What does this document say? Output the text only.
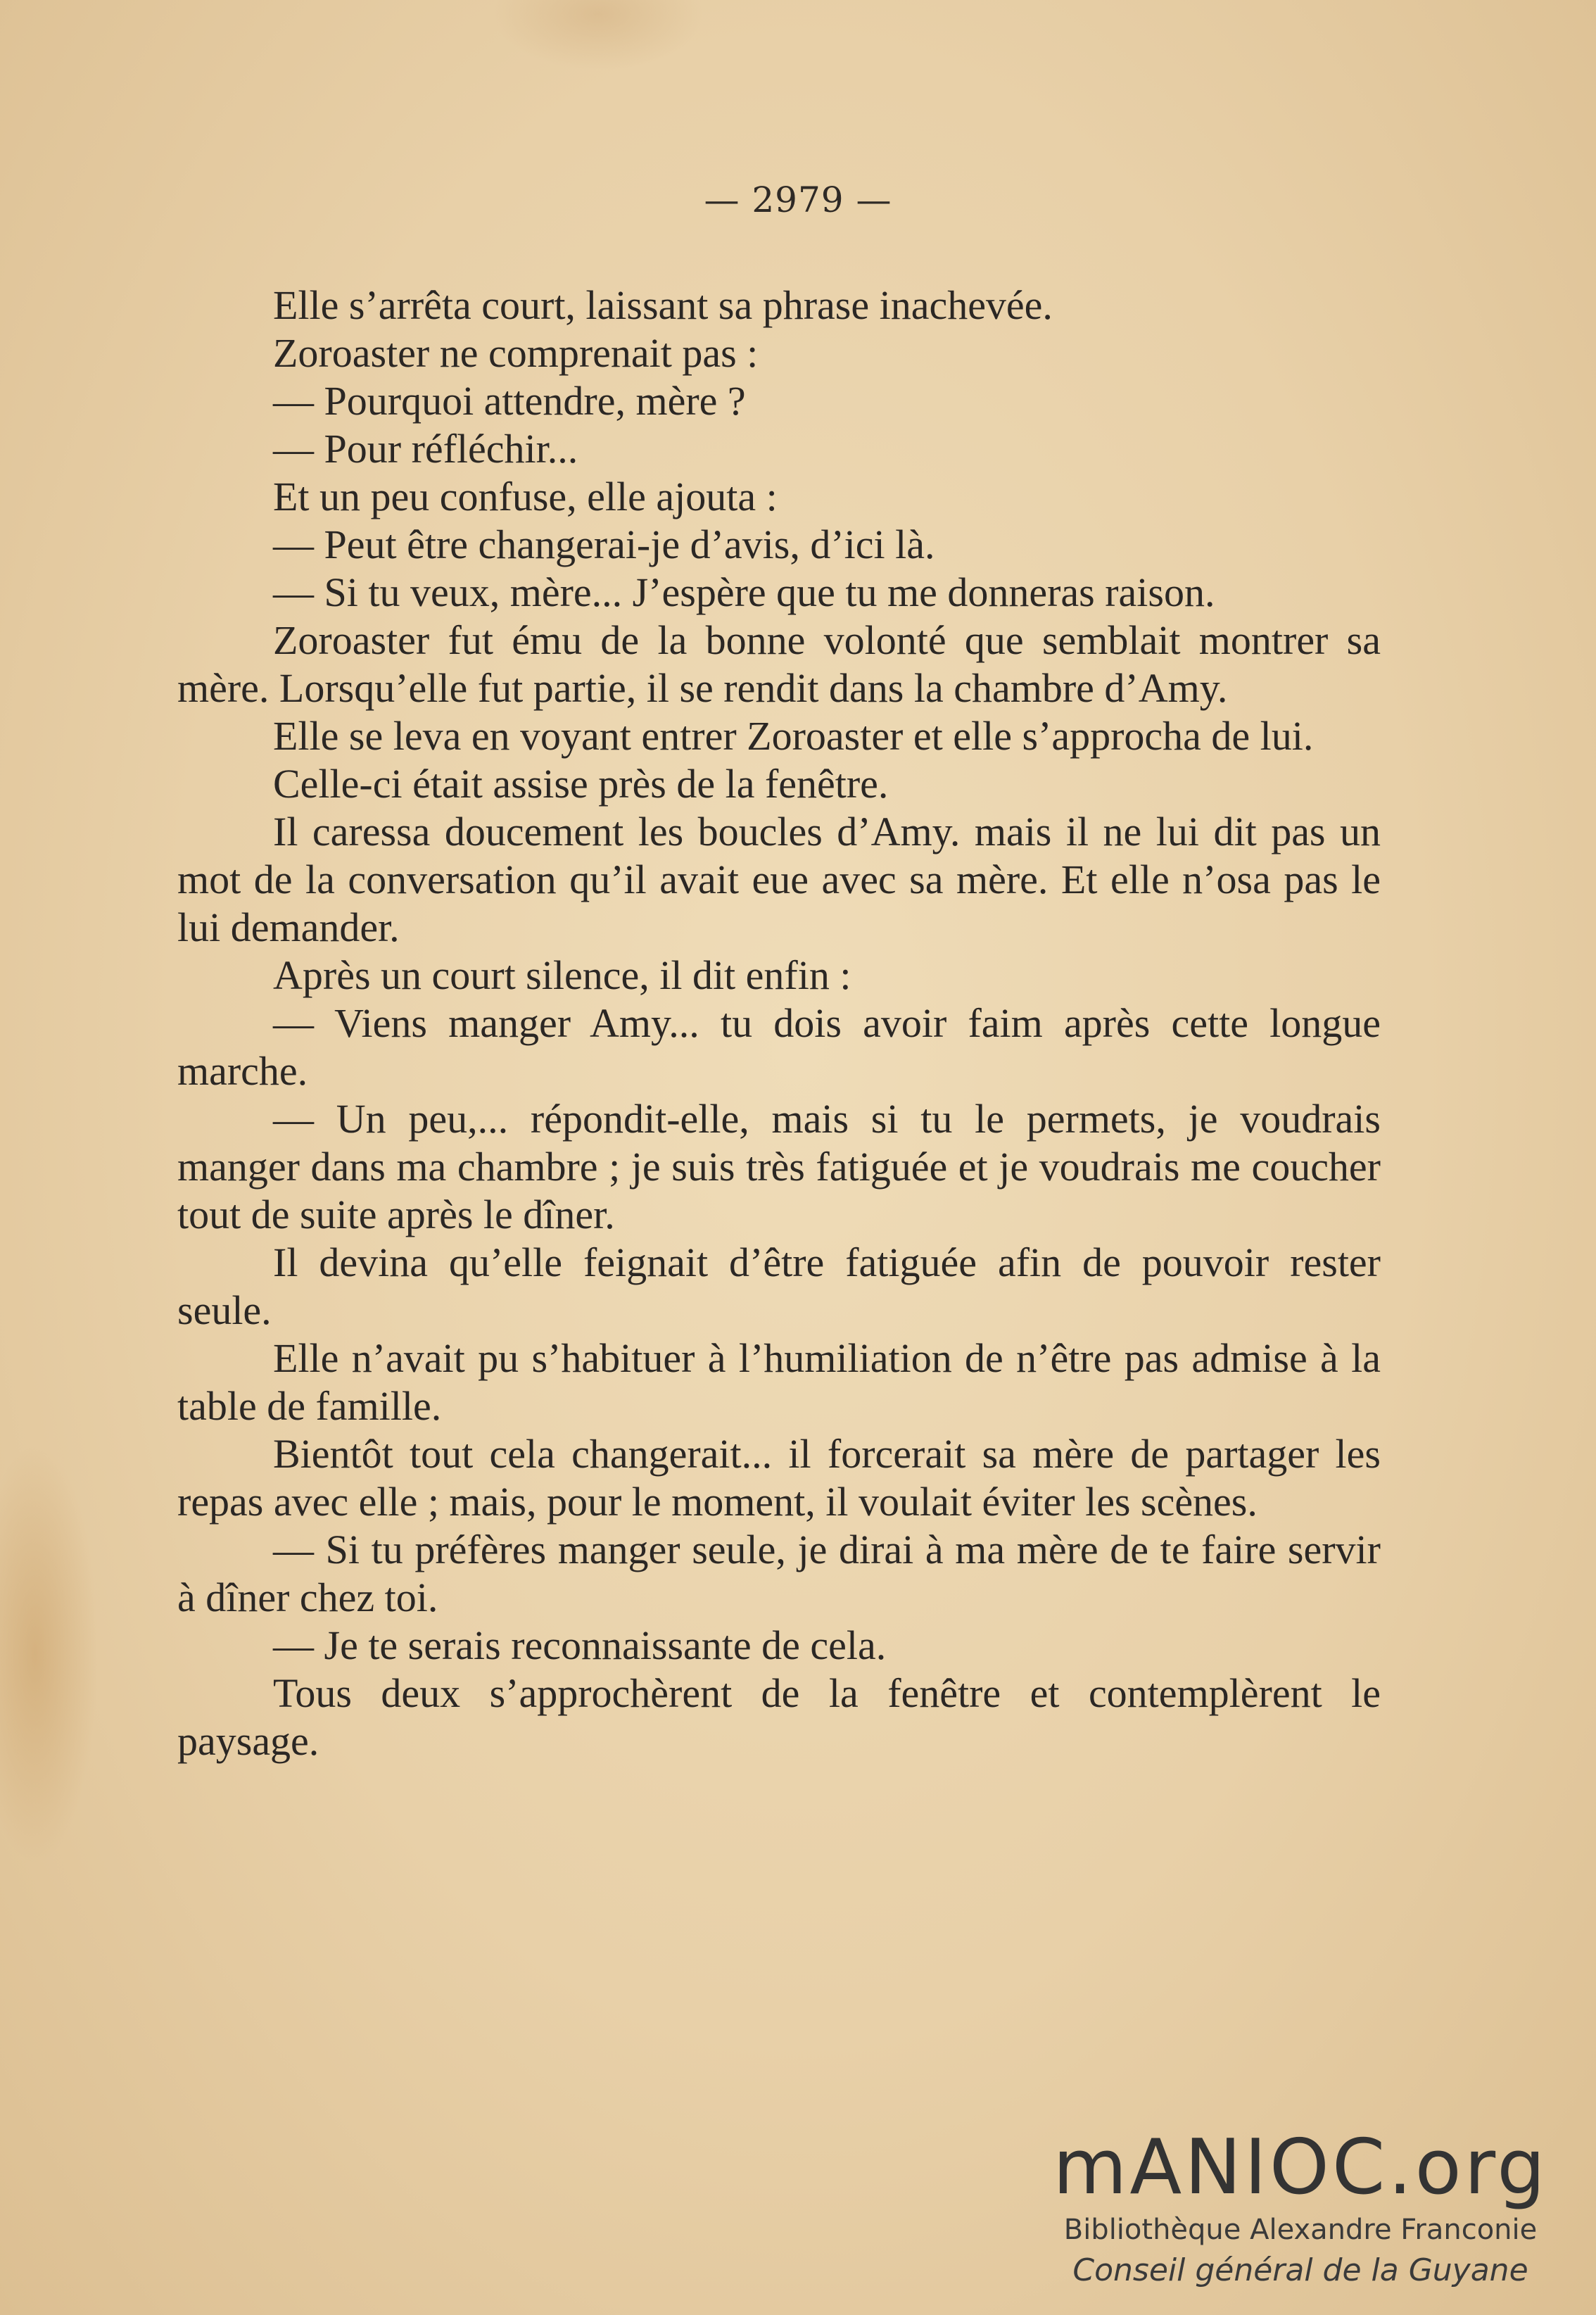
— 2979 —

Elle s’arrêta court, laissant sa phrase inachevée.

Zoroaster ne comprenait pas :

— Pourquoi attendre, mère ?

— Pour réfléchir...

Et un peu confuse, elle ajouta :

— Peut être changerai-je d’avis, d’ici là.

— Si tu veux, mère... J’espère que tu me donneras raison.

Zoroaster fut ému de la bonne volonté que semblait montrer sa mère. Lorsqu’elle fut partie, il se rendit dans la chambre d’Amy.

Elle se leva en voyant entrer Zoroaster et elle s’approcha de lui.

Celle-ci était assise près de la fenêtre.

Il caressa doucement les boucles d’Amy. mais il ne lui dit pas un mot de la conversation qu’il avait eue avec sa mère. Et elle n’osa pas le lui demander.

Après un court silence, il dit enfin :

— Viens manger Amy... tu dois avoir faim après cette longue marche.

— Un peu,... répondit-elle, mais si tu le permets, je voudrais manger dans ma chambre ; je suis très fatiguée et je voudrais me coucher tout de suite après le dîner.

Il devina qu’elle feignait d’être fatiguée afin de pouvoir rester seule.

Elle n’avait pu s’habituer à l’humiliation de n’être pas admise à la table de famille.

Bientôt tout cela changerait... il forcerait sa mère de partager les repas avec elle ; mais, pour le moment, il voulait éviter les scènes.

— Si tu préfères manger seule, je dirai à ma mère de te faire servir à dîner chez toi.

— Je te serais reconnaissante de cela.

Tous deux s’approchèrent de la fenêtre et contemplèrent le paysage.

mANIOC.org
Bibliothèque Alexandre Franconie
Conseil général de la Guyane
